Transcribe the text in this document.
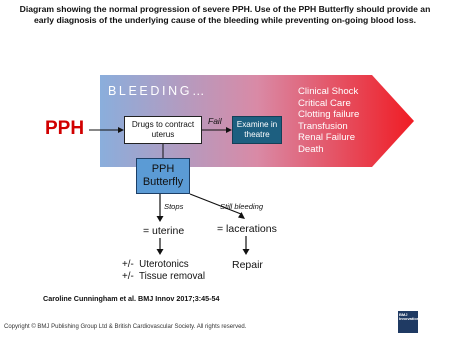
Diagram showing the normal progression of severe PPH. Use of the PPH Butterfly should provide an early diagnosis of the underlying cause of the bleeding while preventing on-going blood loss.
BLEEDING…
PPH	Drugs to contract uterus
Fail	Examine in theatre
Clinical Shock
Critical Care
Clotting failure
Transfusion
Renal Failure
Death
PPH Butterfly
Stops	Still bleeding
= uterine	= lacerations
+/-  Uterotonics
+/-  Tissue removal
Repair
Caroline Cunningham et al. BMJ Innov 2017;3:45-54
Copyright © BMJ Publishing Group Ltd & British Cardiovascular Society. All rights reserved.
BMJ Innovations
